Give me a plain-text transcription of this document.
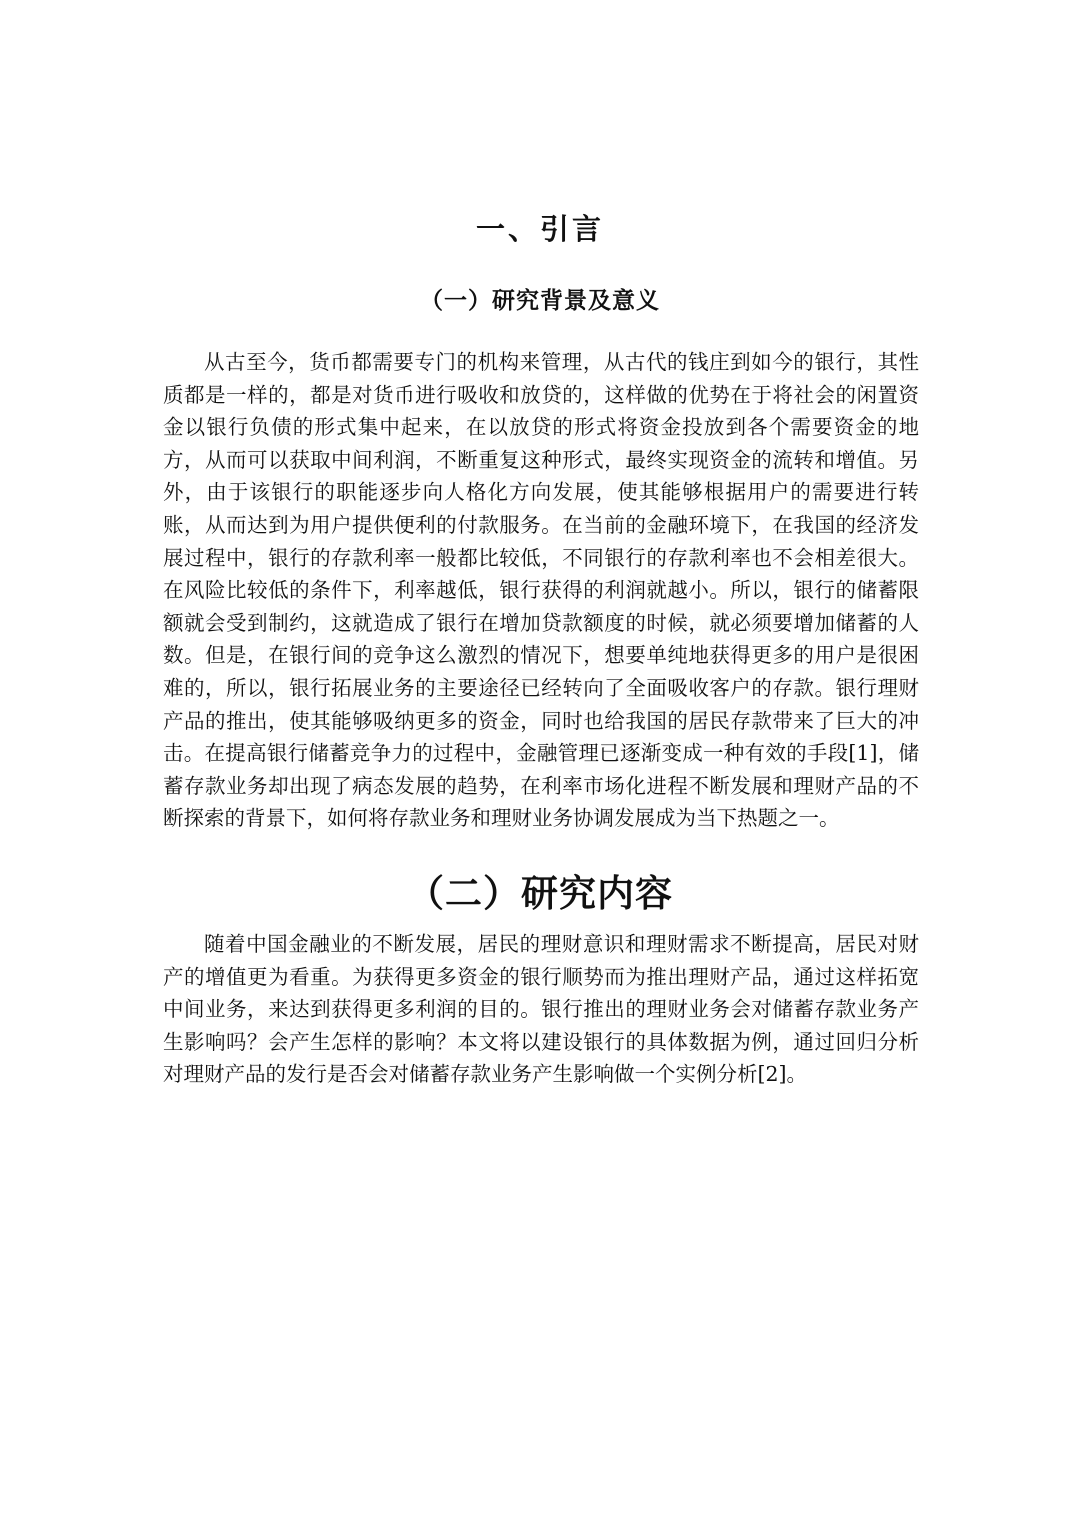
一、引言
（一）研究背景及意义

从古至今，货币都需要专门的机构来管理，从古代的钱庄到如今的银行，其性质都是一样的，都是对货币进行吸收和放贷的，这样做的优势在于将社会的闲置资金以银行负债的形式集中起来，在以放贷的形式将资金投放到各个需要资金的地方，从而可以获取中间利润，不断重复这种形式，最终实现资金的流转和增值。另外，由于该银行的职能逐步向人格化方向发展，使其能够根据用户的需要进行转账，从而达到为用户提供便利的付款服务。在当前的金融环境下，在我国的经济发展过程中，银行的存款利率一般都比较低，不同银行的存款利率也不会相差很大。在风险比较低的条件下，利率越低，银行获得的利润就越小。所以，银行的储蓄限额就会受到制约，这就造成了银行在增加贷款额度的时候，就必须要增加储蓄的人数。但是，在银行间的竞争这么激烈的情况下，想要单纯地获得更多的用户是很困难的，所以，银行拓展业务的主要途径已经转向了全面吸收客户的存款。银行理财产品的推出，使其能够吸纳更多的资金，同时也给我国的居民存款带来了巨大的冲击。在提高银行储蓄竞争力的过程中，金融管理已逐渐变成一种有效的手段[1]，储蓄存款业务却出现了病态发展的趋势，在利率市场化进程不断发展和理财产品的不断探索的背景下，如何将存款业务和理财业务协调发展成为当下热题之一。

（二）研究内容

随着中国金融业的不断发展，居民的理财意识和理财需求不断提高，居民对财产的增值更为看重。为获得更多资金的银行顺势而为推出理财产品，通过这样拓宽中间业务，来达到获得更多利润的目的。银行推出的理财业务会对储蓄存款业务产生影响吗？会产生怎样的影响？本文将以建设银行的具体数据为例，通过回归分析对理财产品的发行是否会对储蓄存款业务产生影响做一个实例分析[2]。
